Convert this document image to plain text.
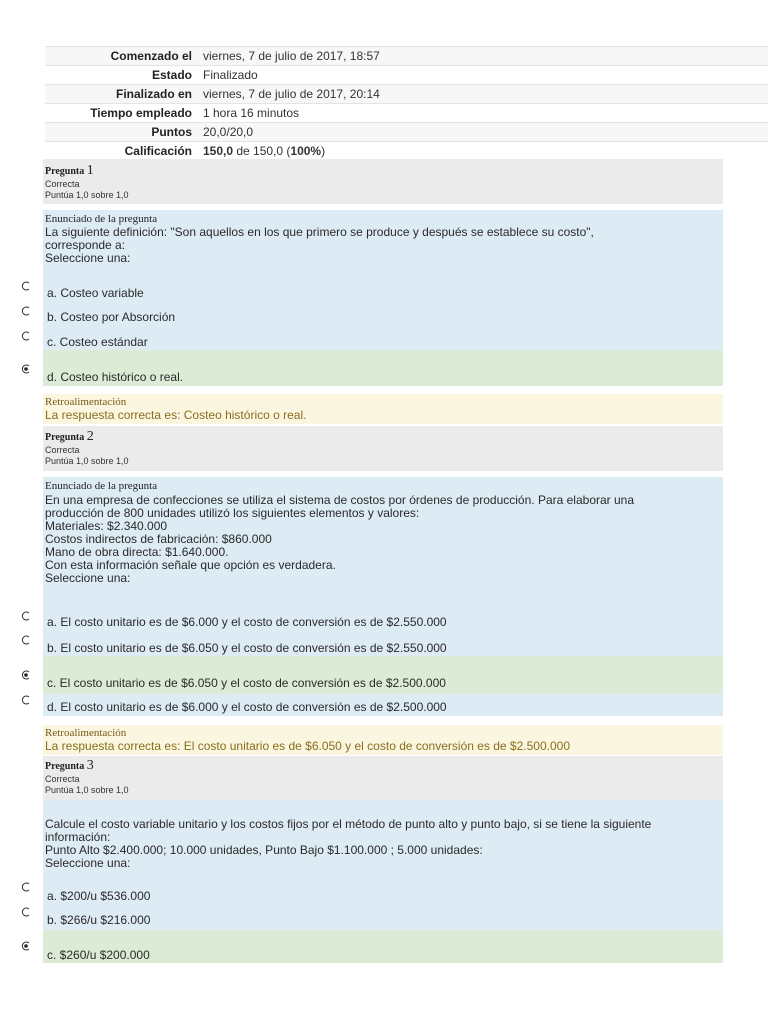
Comenzado el	viernes, 7 de julio de 2017, 18:57
Estado	Finalizado
Finalizado en	viernes, 7 de julio de 2017, 20:14
Tiempo empleado	1 hora 16 minutos
Puntos	20,0/20,0
Calificación	150,0 de 150,0 (100%)
Pregunta 1
Correcta
Puntúa 1,0 sobre 1,0
Enunciado de la pregunta
La siguiente definición: "Son aquellos en los que primero se produce y después se establece su costo",
corresponde a:
Seleccione una:
a. Costeo variable
b. Costeo por Absorción
c. Costeo estándar
d. Costeo histórico o real.
Retroalimentación
La respuesta correcta es: Costeo histórico o real.
Pregunta 2
Correcta
Puntúa 1,0 sobre 1,0
Enunciado de la pregunta
En una empresa de confecciones se utiliza el sistema de costos por órdenes de producción. Para elaborar una
producción de 800 unidades utilizó los siguientes elementos y valores:
Materiales: $2.340.000
Costos indirectos de fabricación: $860.000
Mano de obra directa: $1.640.000.
Con esta información señale que opción es verdadera.
Seleccione una:
a. El costo unitario es de $6.000 y el costo de conversión es de $2.550.000
b. El costo unitario es de $6.050 y el costo de conversión es de $2.550.000
c. El costo unitario es de $6.050 y el costo de conversión es de $2.500.000
d. El costo unitario es de $6.000 y el costo de conversión es de $2.500.000
Retroalimentación
La respuesta correcta es: El costo unitario es de $6.050 y el costo de conversión es de $2.500.000
Pregunta 3
Correcta
Puntúa 1,0 sobre 1,0
Calcule el costo variable unitario y los costos fijos por el método de punto alto y punto bajo, si se tiene la siguiente
información:
Punto Alto $2.400.000; 10.000 unidades, Punto Bajo $1.100.000 ; 5.000 unidades:
Seleccione una:
a. $200/u $536.000
b. $266/u $216.000
c. $260/u $200.000
